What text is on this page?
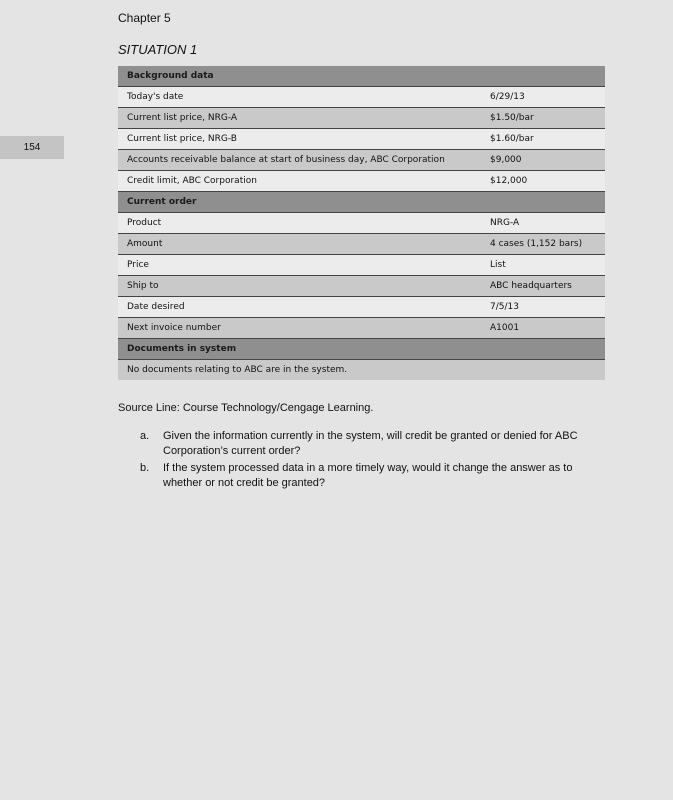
Chapter 5
154
SITUATION 1
Background data	
Today's date	6/29/13
Current list price, NRG-A	$1.50/bar
Current list price, NRG-B	$1.60/bar
Accounts receivable balance at start of business day, ABC Corporation	$9,000
Credit limit, ABC Corporation	$12,000
Current order	
Product	NRG-A
Amount	4 cases (1,152 bars)
Price	List
Ship to	ABC headquarters
Date desired	7/5/13
Next invoice number	A1001
Documents in system	
No documents relating to ABC are in the system.	
Source Line: Course Technology/Cengage Learning.
a.	Given the information currently in the system, will credit be granted or denied for ABC Corporation’s current order?
b.	If the system processed data in a more timely way, would it change the answer as to whether or not credit be granted?
